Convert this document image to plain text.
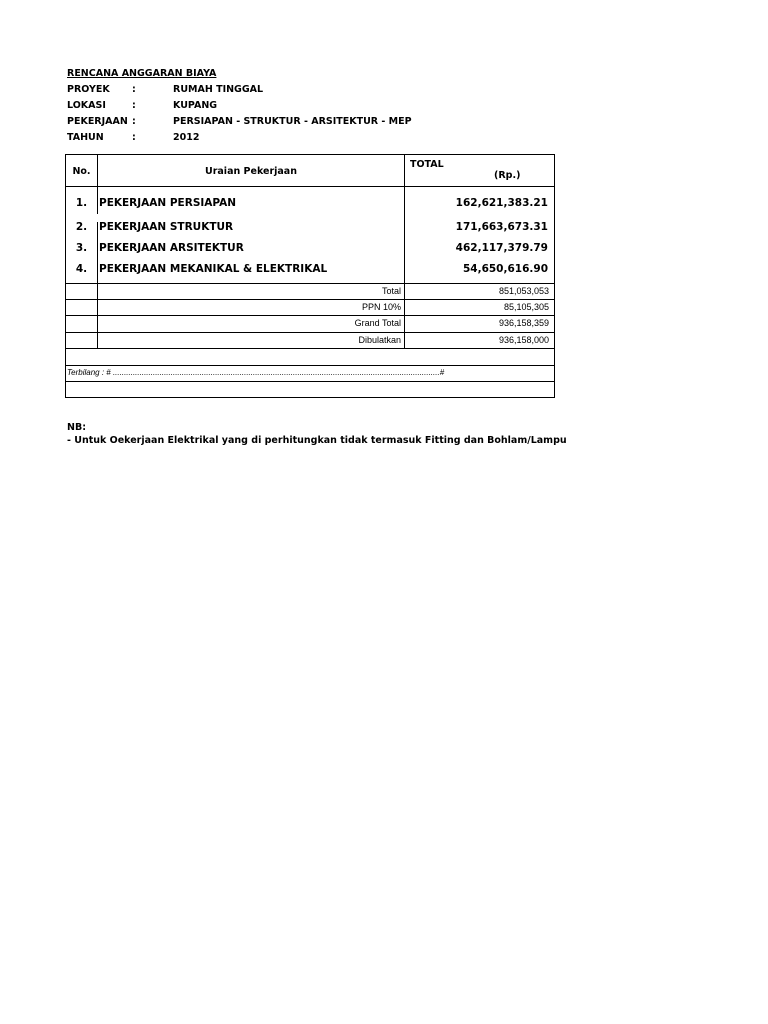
RENCANA ANGGARAN BIAYA
PROYEK :	RUMAH TINGGAL
LOKASI	:	KUPANG
PEKERJAAN :	PERSIAPAN - STRUKTUR - ARSITEKTUR - MEP
TAHUN	:	2012
No.	Uraian Pekerjaan
TOTAL
(Rp.)
1.	PEKERJAAN PERSIAPAN	162,621,383.21
2.	PEKERJAAN STRUKTUR	171,663,673.31
3.	PEKERJAAN ARSITEKTUR	462,117,379.79
4.	PEKERJAAN MEKANIKAL & ELEKTRIKAL	54,650,616.90
Total	851,053,053
PPN 10%	85,105,305
Grand Total	936,158,359
Dibulatkan	936,158,000
Terbilang : # ...................................................................................................................................................#
NB:
- Untuk Oekerjaan Elektrikal yang di perhitungkan tidak termasuk Fitting dan Bohlam/Lampu
